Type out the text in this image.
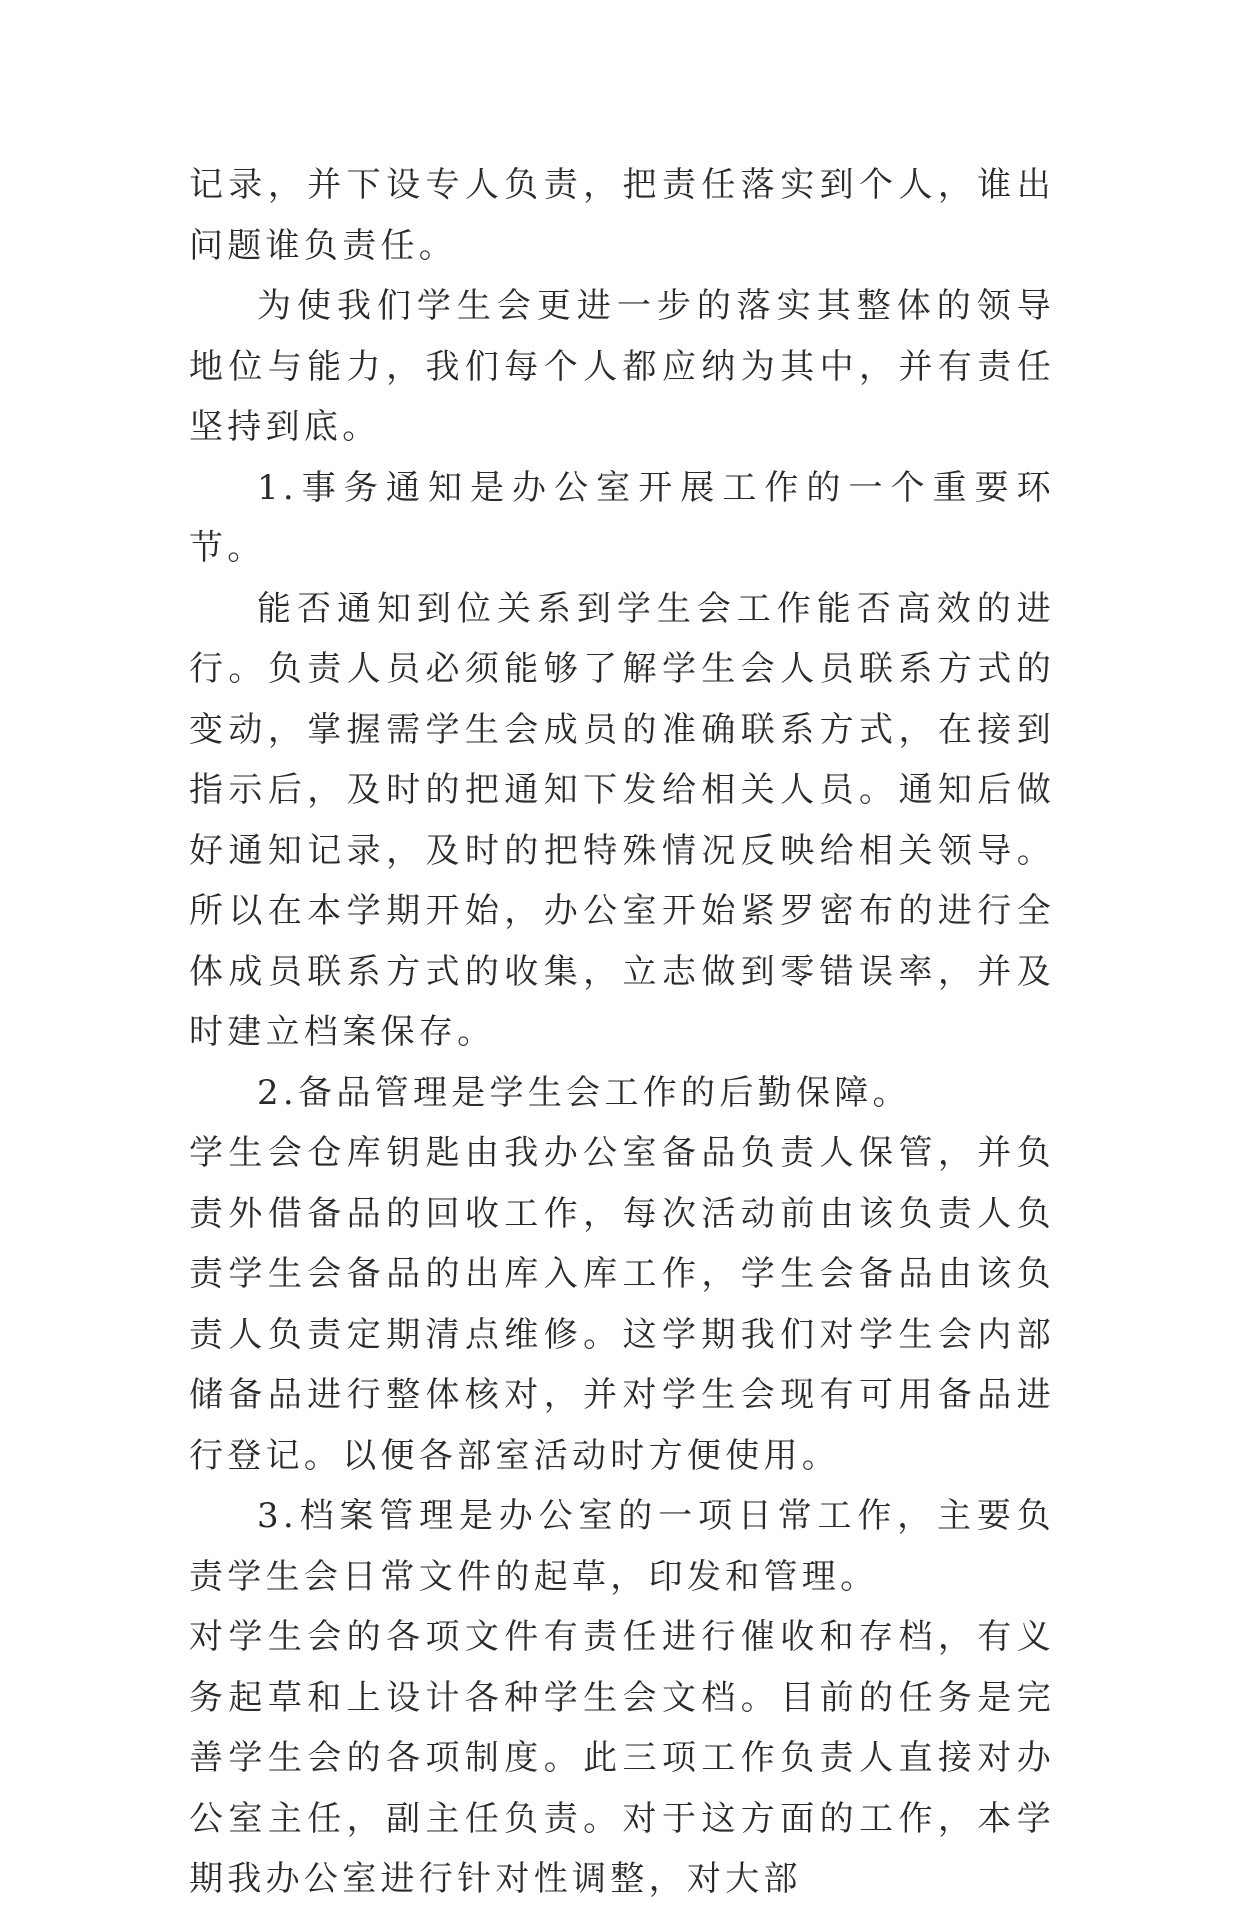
记录，并下设专人负责，把责任落实到个人，谁出问题谁负责任。

为使我们学生会更进一步的落实其整体的领导地位与能力，我们每个人都应纳为其中，并有责任坚持到底。

1.事务通知是办公室开展工作的一个重要环节。

能否通知到位关系到学生会工作能否高效的进行。负责人员必须能够了解学生会人员联系方式的变动，掌握需学生会成员的准确联系方式，在接到指示后，及时的把通知下发给相关人员。通知后做好通知记录，及时的把特殊情况反映给相关领导。所以在本学期开始，办公室开始紧罗密布的进行全体成员联系方式的收集，立志做到零错误率，并及时建立档案保存。

2.备品管理是学生会工作的后勤保障。

学生会仓库钥匙由我办公室备品负责人保管，并负责外借备品的回收工作，每次活动前由该负责人负责学生会备品的出库入库工作，学生会备品由该负责人负责定期清点维修。这学期我们对学生会内部储备品进行整体核对，并对学生会现有可用备品进行登记。以便各部室活动时方便使用。

3.档案管理是办公室的一项日常工作，主要负责学生会日常文件的起草，印发和管理。

对学生会的各项文件有责任进行催收和存档，有义务起草和上设计各种学生会文档。目前的任务是完善学生会的各项制度。此三项工作负责人直接对办公室主任，副主任负责。对于这方面的工作，本学期我办公室进行针对性调整，对大部
